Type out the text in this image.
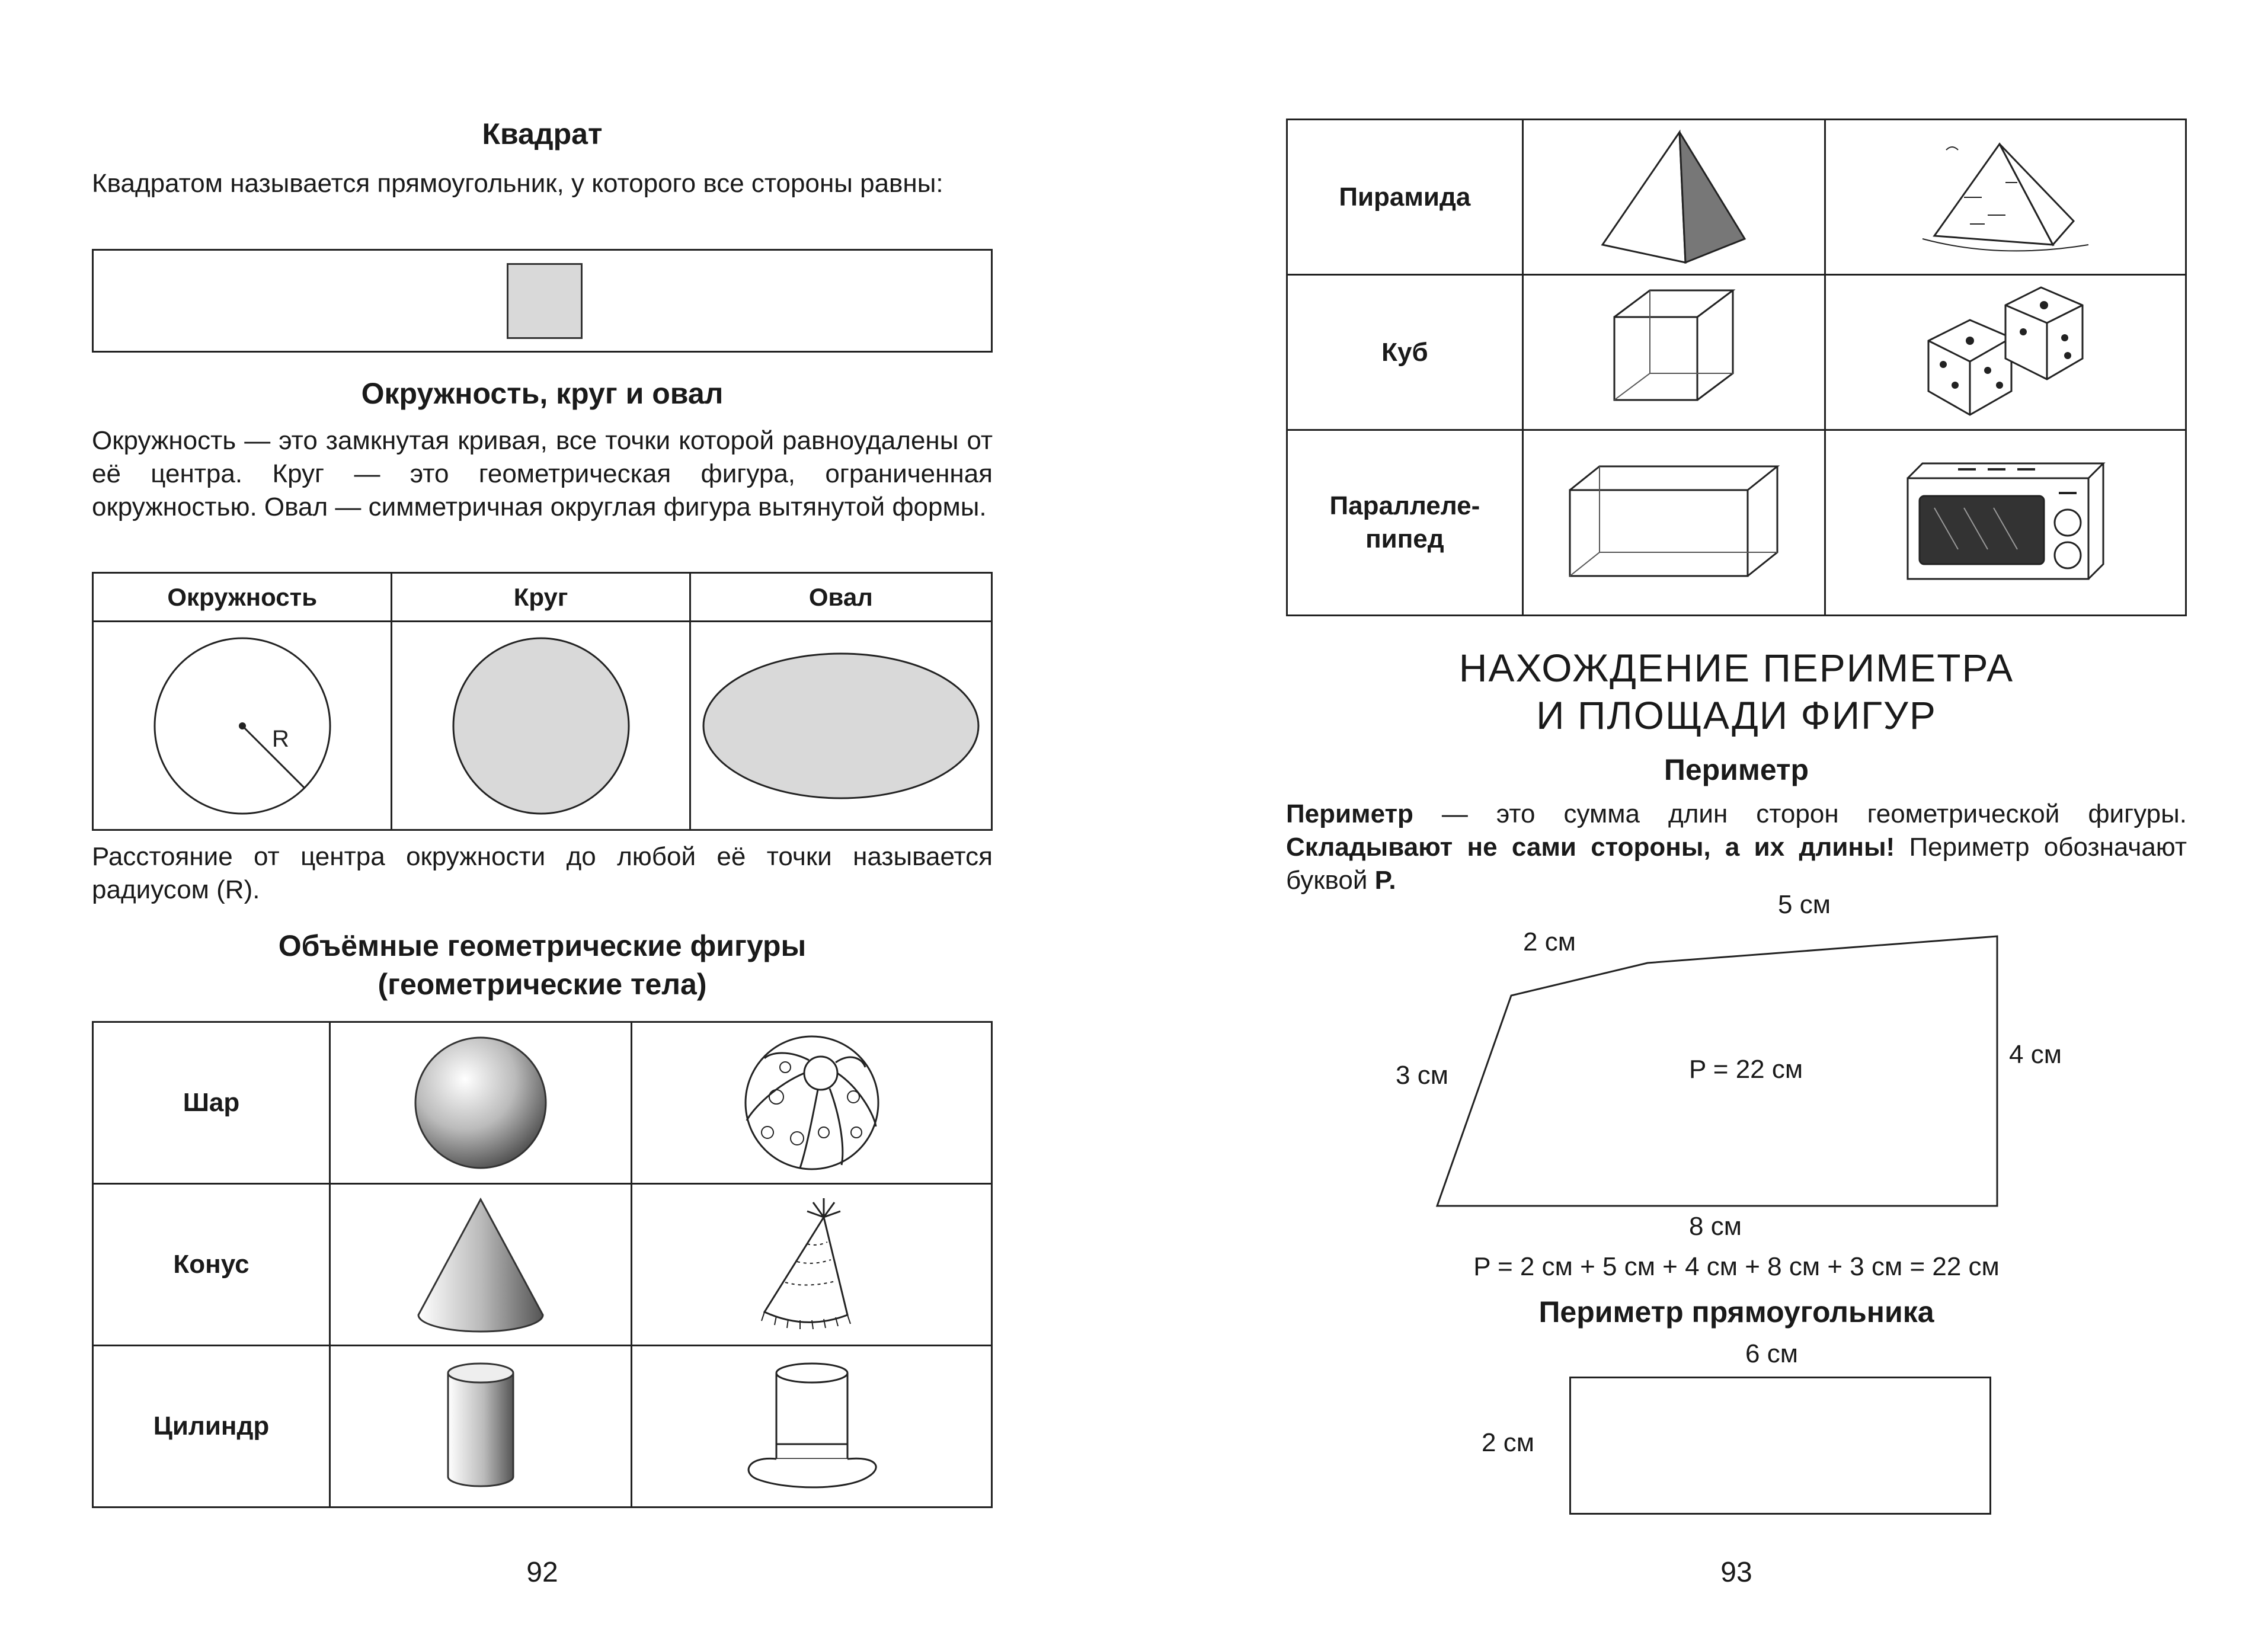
Квадрат

Квадратом называется прямоугольник, у которого все стороны равны:

Окружность, круг и овал

Окружность — это замкнутая кривая, все точки которой равноудалены от её центра. Круг — это геометрическая фигура, ограниченная окружностью. Овал — симметричная округлая фигура вытянутой формы.

Окружность	Круг	Овал

R

Расстояние от центра окружности до любой её точки называется радиусом (R).

Объёмные геометрические фигуры
(геометрические тела)
Шар	

Конус	

Цилиндр	

92
Пирамида	

Куб	

Параллеле-
пипед	

НАХОЖДЕНИЕ ПЕРИМЕТРА
И ПЛОЩАДИ ФИГУР
Периметр

Периметр — это сумма длин сторон геометрической фигуры. Складывают не сами стороны, а их длины! Периметр обозначают буквой P.

2 см
5 см
4 см
3 см
8 см
P = 22 см
P = 2 см + 5 см + 4 см + 8 см + 3 см = 22 см
Периметр прямоугольника
6 см
2 см
93
